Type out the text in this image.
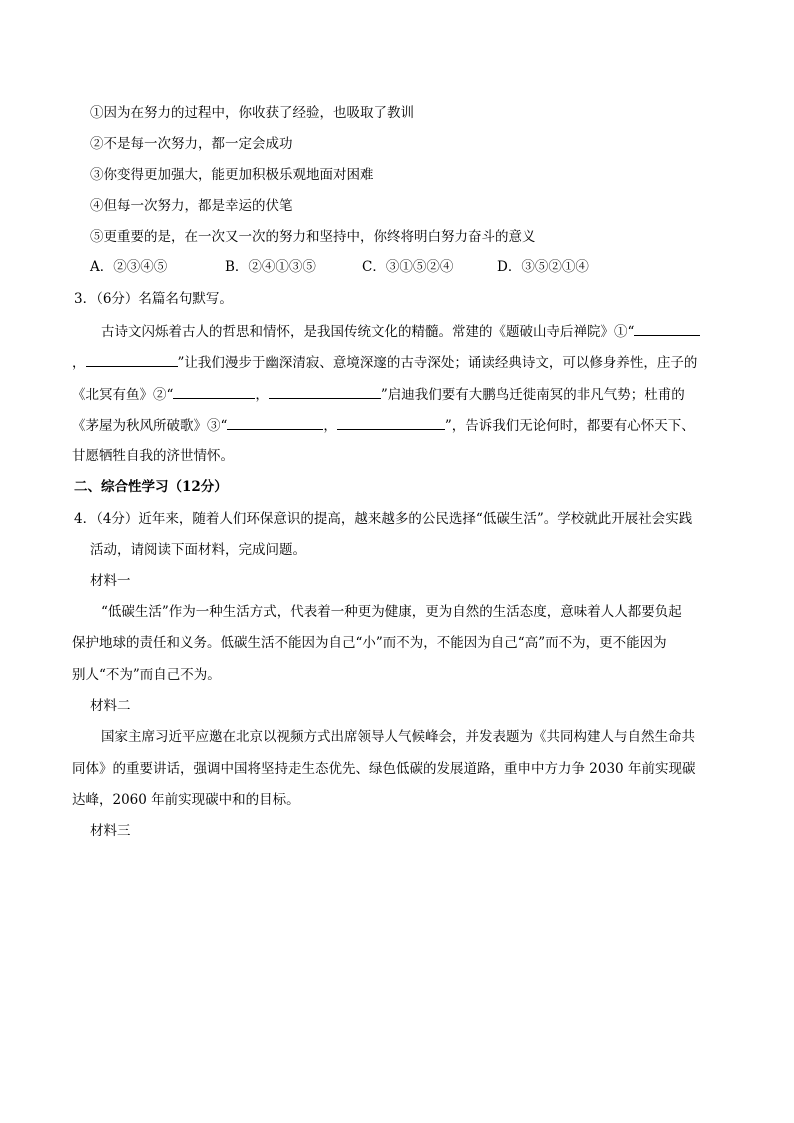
①因为在努力的过程中，你收获了经验，也吸取了教训
②不是每一次努力，都一定会成功
③你变得更加强大，能更加积极乐观地面对困难
④但每一次努力，都是幸运的伏笔
⑤更重要的是，在一次又一次的努力和坚持中，你终将明白努力奋斗的意义
A．②③④⑤	B．②④①③⑤	C．③①⑤②④	D．③⑤②①④
3．（6分）名篇名句默写。
古诗文闪烁着古人的哲思和情怀，是我国传统文化的精髓。常建的《题破山寺后禅院》①“
，	”让我们漫步于幽深清寂、意境深邃的古寺深处；诵读经典诗文，可以修身养性，庄子的
《北冥有鱼》②“	，	”启迪我们要有大鹏鸟迁徙南冥的非凡气势；杜甫的
《茅屋为秋风所破歌》③“	，	”，告诉我们无论何时，都要有心怀天下、
甘愿牺牲自我的济世情怀。
二、综合性学习（12分）
4．（4分）近年来，随着人们环保意识的提高，越来越多的公民选择“低碳生活”。学校就此开展社会实践
活动，请阅读下面材料，完成问题。
材料一
“低碳生活”作为一种生活方式，代表着一种更为健康，更为自然的生活态度，意味着人人都要负起
保护地球的责任和义务。低碳生活不能因为自己“小”而不为，不能因为自己“高”而不为，更不能因为
别人“不为”而自己不为。
材料二
国家主席习近平应邀在北京以视频方式出席领导人气候峰会，并发表题为《共同构建人与自然生命共
同体》的重要讲话，强调中国将坚持走生态优先、绿色低碳的发展道路，重申中方力争 2030 年前实现碳
达峰，2060 年前实现碳中和的目标。
材料三
